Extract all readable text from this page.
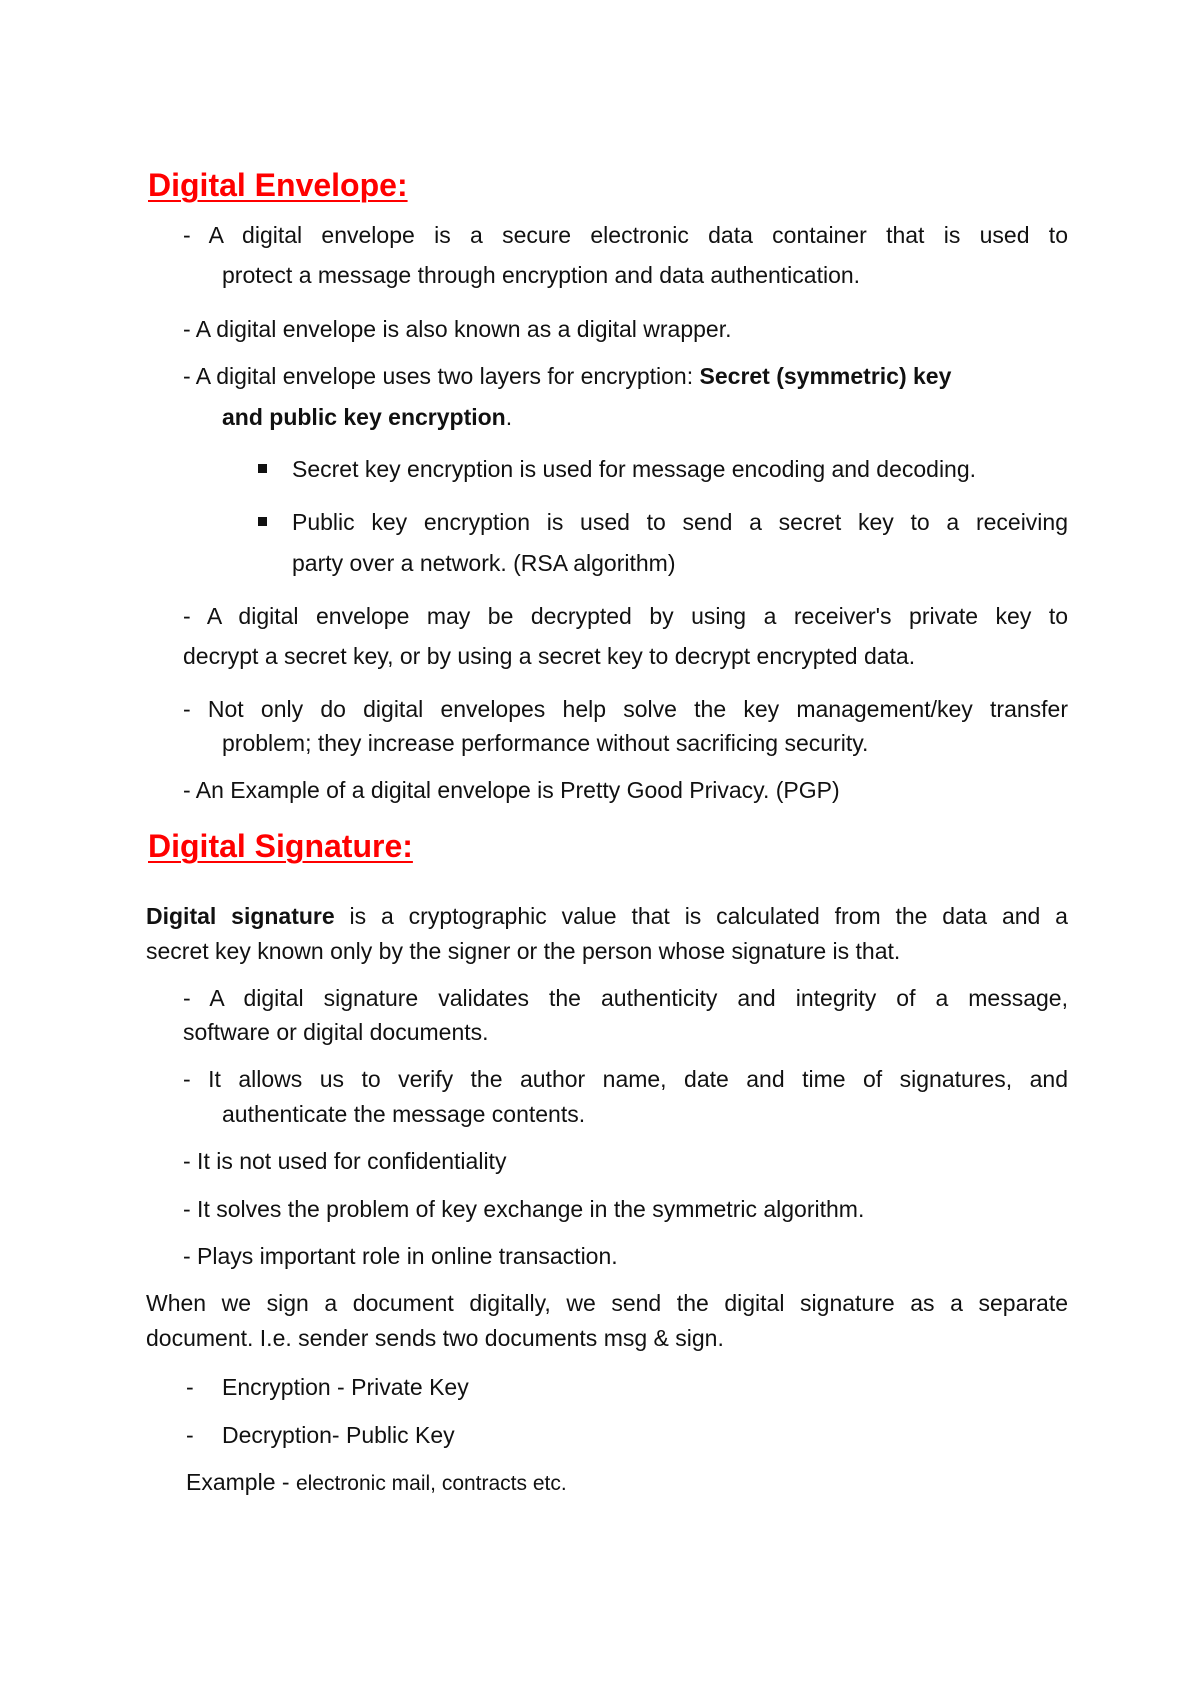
Digital Envelope:
- A digital envelope is a secure electronic data container that is used to
protect a message through encryption and data authentication.
- A digital envelope is also known as a digital wrapper.
- A digital envelope uses two layers for encryption: Secret (symmetric) key
and public key encryption.
Secret key encryption is used for message encoding and decoding.
Public key encryption is used to send a secret key to a receiving
party over a network. (RSA algorithm)
- A digital envelope may be decrypted by using a receiver's private key to
decrypt a secret key, or by using a secret key to decrypt encrypted data.
- Not only do digital envelopes help solve the key management/key transfer
problem; they increase performance without sacrificing security.
- An Example of a digital envelope is Pretty Good Privacy. (PGP)
Digital Signature:
Digital signature is a cryptographic value that is calculated from the data and a
secret key known only by the signer or the person whose signature is that.
- A digital signature validates the authenticity and integrity of a message,
software or digital documents.
- It allows us to verify the author name, date and time of signatures, and
authenticate the message contents.
- It is not used for confidentiality
- It solves the problem of key exchange in the symmetric algorithm.
- Plays important role in online transaction.
When we sign a document digitally, we send the digital signature as a separate
document. I.e. sender sends two documents msg & sign.
- Encryption - Private Key
- Decryption- Public Key
Example - electronic mail, contracts etc.
